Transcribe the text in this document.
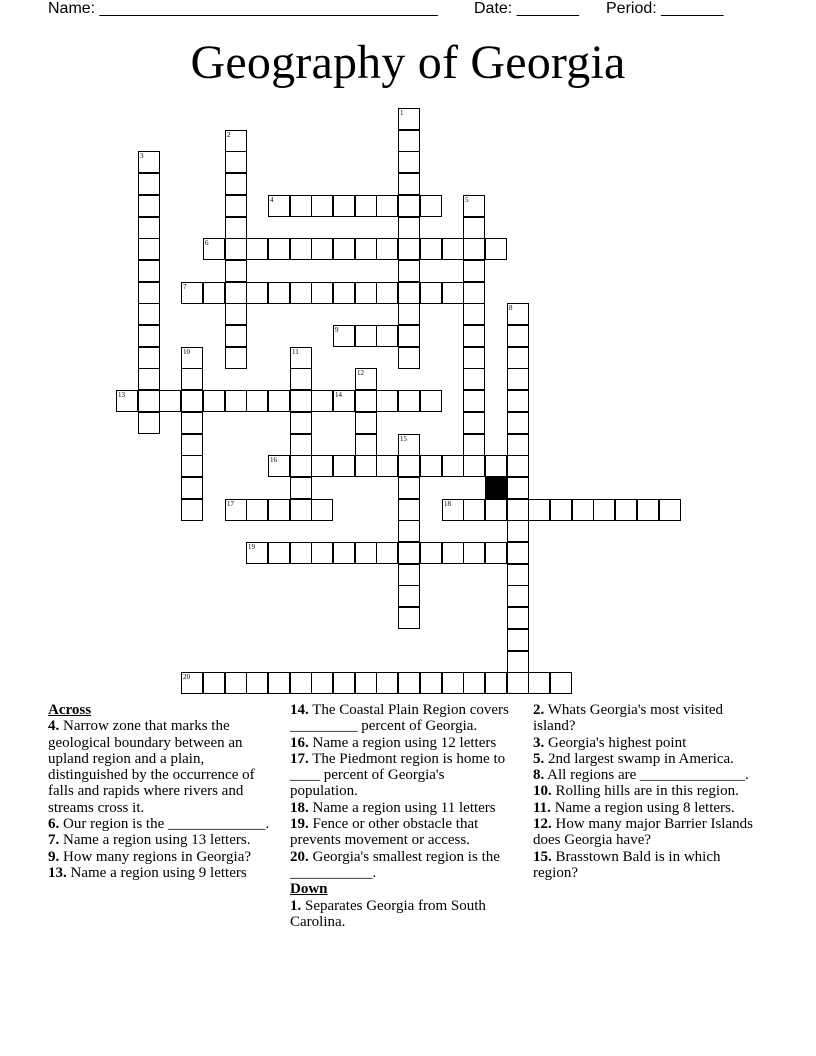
Name: ______________________________________ Date: _______ Period: _______
Geography of Georgia
1
2
3
4	5
6
7
8
9
10	11
12
13	14
15
16
17	18
19
20
Across
4. Narrow zone that marks the geological boundary between an upland region and a plain, distinguished by the occurrence of falls and rapids where rivers and streams cross it.
6. Our region is the _____________.
7. Name a region using 13 letters.
9. How many regions in Georgia?
13. Name a region using 9 letters
14. The Coastal Plain Region covers _________ percent of Georgia.
16. Name a region using 12 letters
17. The Piedmont region is home to ____ percent of Georgia's population.
18. Name a region using 11 letters
19. Fence or other obstacle that prevents movement or access.
20. Georgia's smallest region is the ___________.
Down
1. Separates Georgia from South Carolina.
2. Whats Georgia's most visited island?
3. Georgia's highest point
5. 2nd largest swamp in America.
8. All regions are ______________.
10. Rolling hills are in this region.
11. Name a region using 8 letters.
12. How many major Barrier Islands does Georgia have?
15. Brasstown Bald is in which region?
